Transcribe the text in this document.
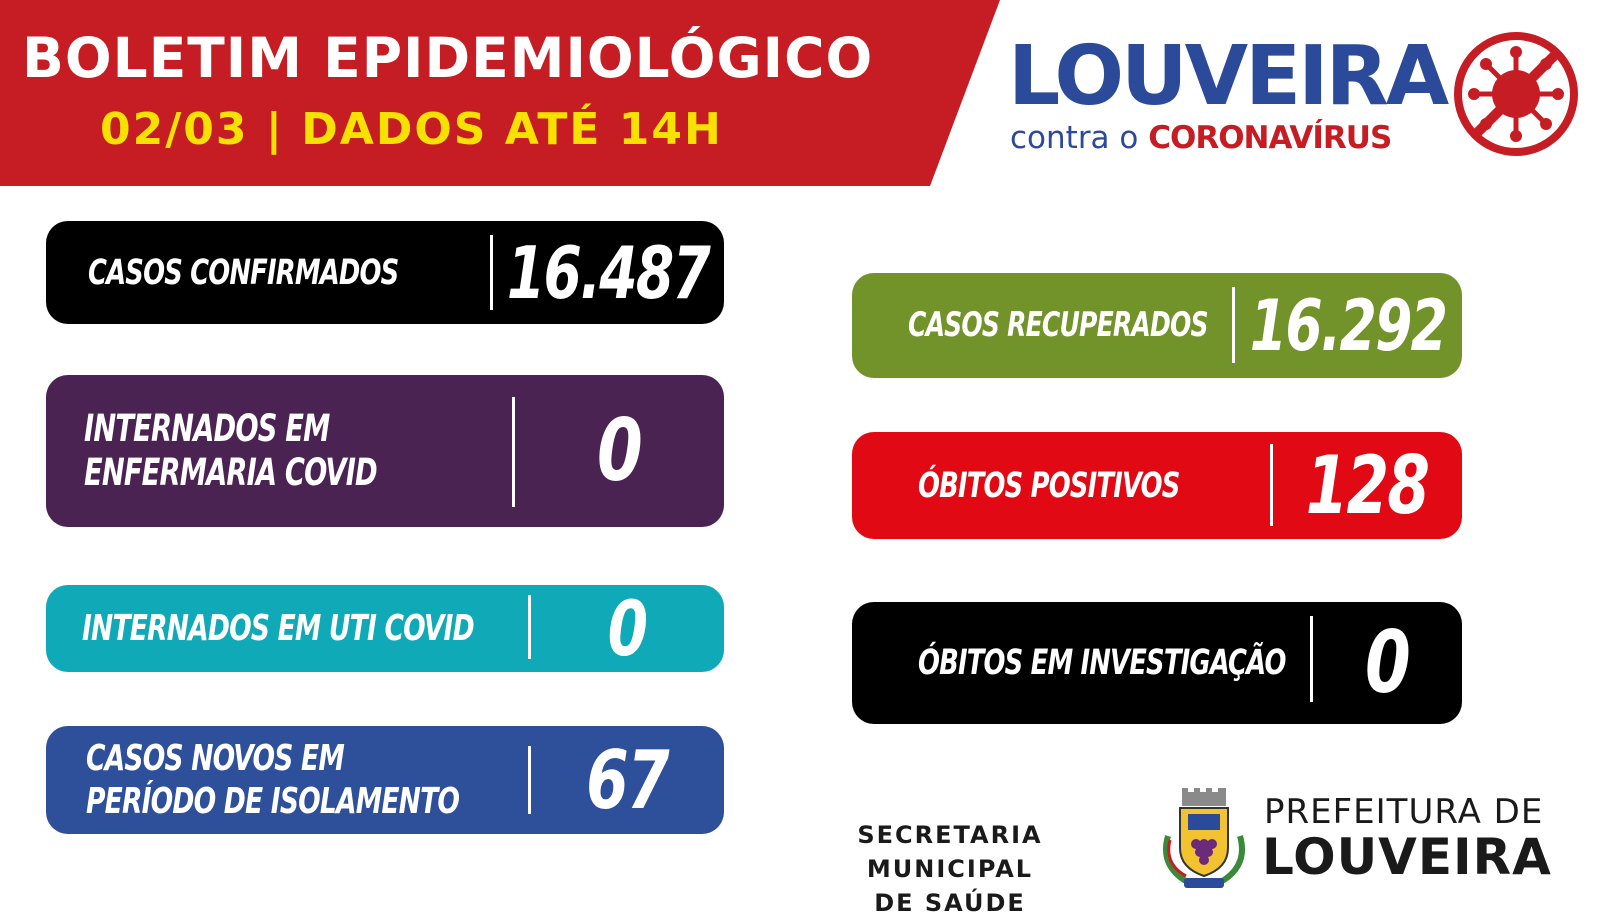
BOLETIM EPIDEMIOLÓGICO
02/03 | DADOS ATÉ 14H
LOUVEIRA
contra o CORONAVÍRUS
CASOS CONFIRMADOS 16.487
INTERNADOS EM
ENFERMARIA COVID	0
INTERNADOS EM UTI COVID	0
CASOS NOVOS EM
PERÍODO DE ISOLAMENTO	67
CASOS RECUPERADOS 16.292
ÓBITOS POSITIVOS 128
ÓBITOS EM INVESTIGAÇÃO 0
SECRETARIA MUNICIPAL
DE SAÚDE
PREFEITURA DE
LOUVEIRA
